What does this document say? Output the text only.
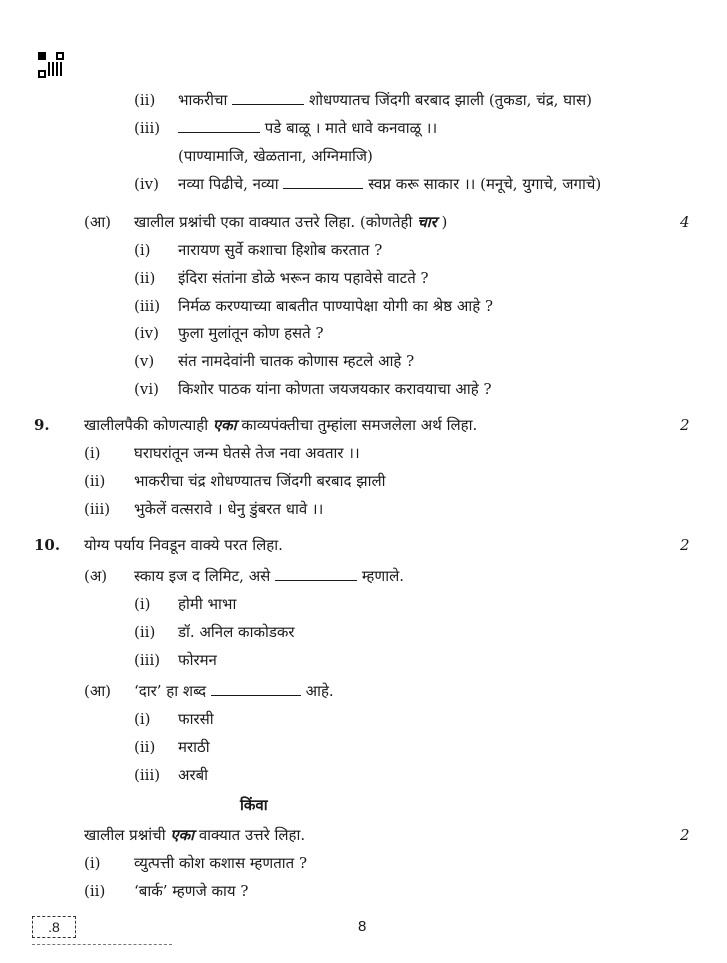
(ii) भाकरीचा	शोधण्यातच जिंदगी बरबाद झाली (तुकडा, चंद्र, घास)
(iii)	पडे बाळू । माते धावे कनवाळू ।।
(पाण्यामाजि, खेळताना, अग्निमाजि)
(iv) नव्या पिढीचे, नव्या	स्वप्न करू साकार ।। (मनूचे, युगाचे, जगाचे)
(आ) खालील प्रश्नांची एका वाक्यात उत्तरे लिहा. (कोणतेही चार )	4
(i) नारायण सुर्वे कशाचा हिशोब करतात ?
(ii) इंदिरा संतांना डोळे भरून काय पहावेसे वाटते ?
(iii) निर्मळ करण्याच्या बाबतीत पाण्यापेक्षा योगी का श्रेष्ठ आहे ?
(iv) फुला मुलांतून कोण हसते ?
(v) संत नामदेवांनी चातक कोणास म्हटले आहे ?
(vi) किशोर पाठक यांना कोणता जयजयकार करावयाचा आहे ?
9. खालीलपैकी कोणत्याही एका काव्यपंक्तीचा तुम्हांला समजलेला अर्थ लिहा.	2
(i) घराघरांतून जन्म घेतसे तेज नवा अवतार ।।
(ii) भाकरीचा चंद्र शोधण्यातच जिंदगी बरबाद झाली
(iii) भुकेलें वत्सरावे । धेनु डुंबरत धावे ।।
10. योग्य पर्याय निवडून वाक्ये परत लिहा.	2
(अ) स्काय इज द लिमिट, असे	म्हणाले.
(i) होमी भाभा
(ii) डॉ. अनिल काकोडकर
(iii) फोरमन
(आ) ‘दार’ हा शब्द	आहे.
(i) फारसी
(ii) मराठी
(iii) अरबी
किंवा
खालील प्रश्नांची एका वाक्यात उत्तरे लिहा.	2
(i) व्युत्पत्ती कोश कशास म्हणतात ?
(ii) ‘बार्क’ म्हणजे काय ?
.8	8
